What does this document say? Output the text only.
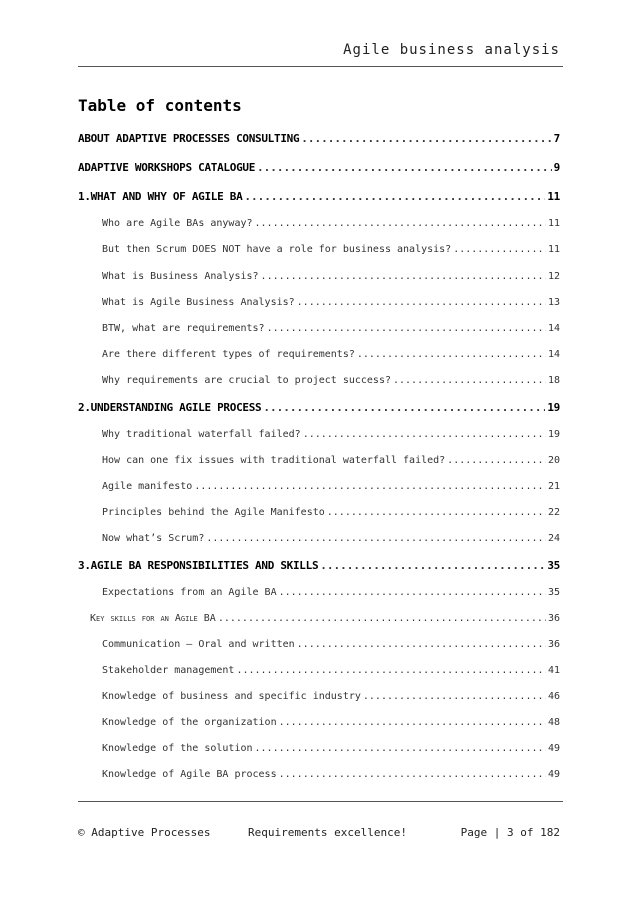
Agile business analysis
Table of contents
ABOUT ADAPTIVE PROCESSES CONSULTING .....	7
ADAPTIVE WORKSHOPS CATALOGUE .....	9
1. WHAT AND WHY OF AGILE BA .....	11
Who are Agile BAs anyway? .....	11
But then Scrum DOES NOT have a role for business analysis? .....	11
What is Business Analysis? .....	12
What is Agile Business Analysis? .....	13
BTW, what are requirements? .....	14
Are there different types of requirements? .....	14
Why requirements are crucial to project success? .....	18
2. UNDERSTANDING AGILE PROCESS .....	19
Why traditional waterfall failed? .....	19
How can one fix issues with traditional waterfall failed? .....	20
Agile manifesto .....	21
Principles behind the Agile Manifesto .....	22
Now what’s Scrum? .....	24
3. AGILE BA RESPONSIBILITIES AND SKILLS .....	35
Expectations from an Agile BA .....	35
Key skills for an Agile BA .....	36
Communication – Oral and written .....	36
Stakeholder management .....	41
Knowledge of business and specific industry .....	46
Knowledge of the organization .....	48
Knowledge of the solution .....	49
Knowledge of Agile BA process .....	49
© Adaptive Processes	Requirements excellence!	Page | 3 of 182
